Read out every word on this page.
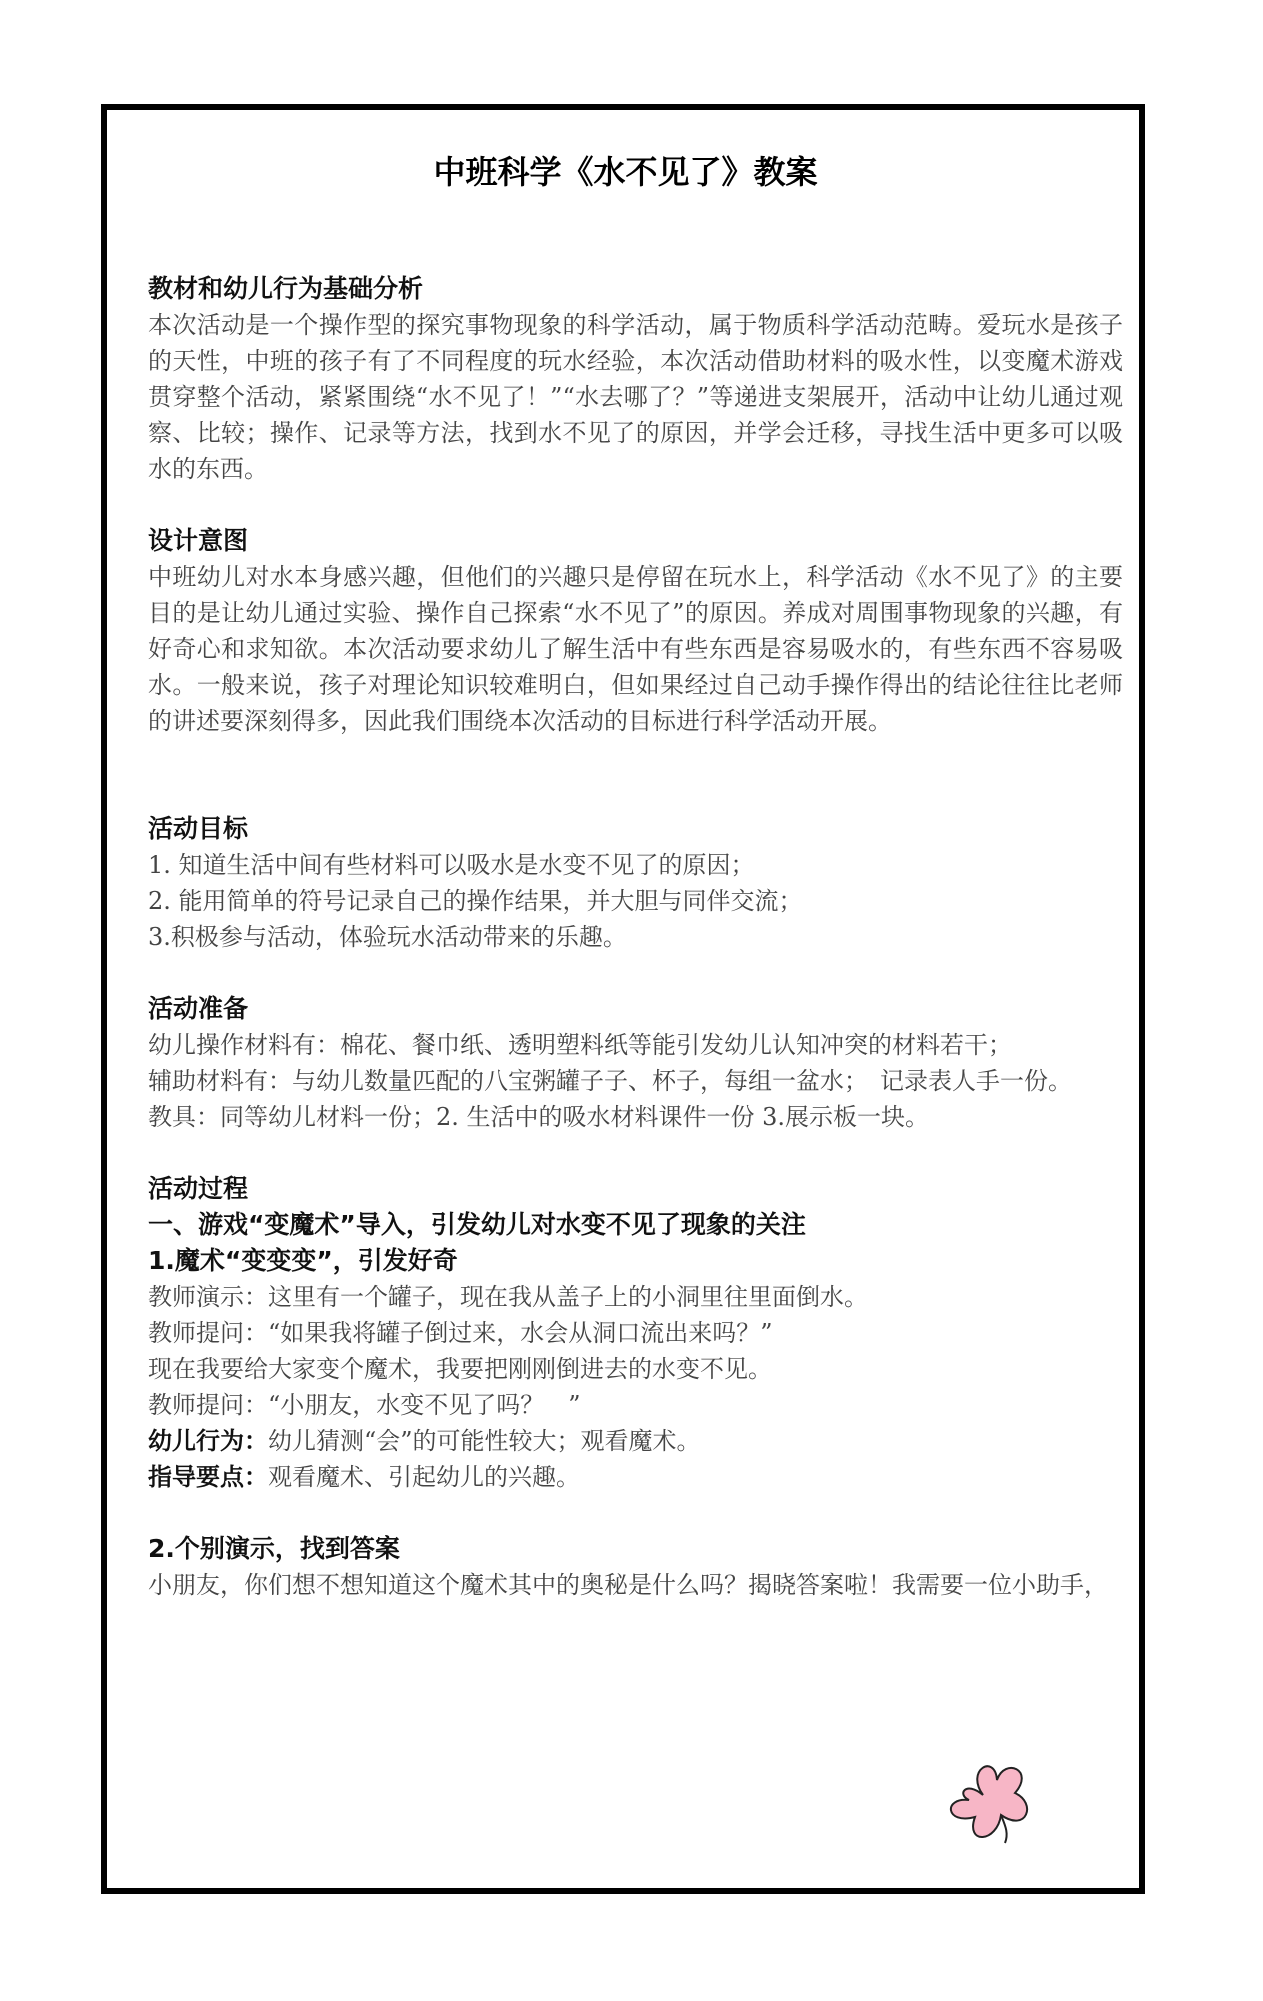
中班科学《水不见了》教案

教材和幼儿行为基础分析

本次活动是一个操作型的探究事物现象的科学活动，属于物质科学活动范畴。爱玩水是孩子的天性，中班的孩子有了不同程度的玩水经验，本次活动借助材料的吸水性，以变魔术游戏贯穿整个活动，紧紧围绕“水不见了！”“水去哪了？”等递进支架展开，活动中让幼儿通过观察、比较；操作、记录等方法，找到水不见了的原因，并学会迁移，寻找生活中更多可以吸水的东西。

设计意图

中班幼儿对水本身感兴趣，但他们的兴趣只是停留在玩水上，科学活动《水不见了》的主要目的是让幼儿通过实验、操作自己探索“水不见了”的原因。养成对周围事物现象的兴趣，有好奇心和求知欲。本次活动要求幼儿了解生活中有些东西是容易吸水的，有些东西不容易吸水。一般来说，孩子对理论知识较难明白，但如果经过自己动手操作得出的结论往往比老师的讲述要深刻得多，因此我们围绕本次活动的目标进行科学活动开展。

活动目标

1. 知道生活中间有些材料可以吸水是水变不见了的原因；

2. 能用简单的符号记录自己的操作结果，并大胆与同伴交流；

3.积极参与活动，体验玩水活动带来的乐趣。

活动准备

幼儿操作材料有：棉花、餐巾纸、透明塑料纸等能引发幼儿认知冲突的材料若干；

辅助材料有：与幼儿数量匹配的八宝粥罐子子、杯子，每组一盆水；　记录表人手一份。

教具：同等幼儿材料一份；2. 生活中的吸水材料课件一份 3.展示板一块。

活动过程

一、游戏“变魔术”导入，引发幼儿对水变不见了现象的关注

1.魔术“变变变”，引发好奇

教师演示：这里有一个罐子，现在我从盖子上的小洞里往里面倒水。

教师提问：“如果我将罐子倒过来，水会从洞口流出来吗？”

现在我要给大家变个魔术，我要把刚刚倒进去的水变不见。

教师提问：“小朋友，水变不见了吗？　”

幼儿行为：幼儿猜测“会”的可能性较大；观看魔术。

指导要点：观看魔术、引起幼儿的兴趣。

2.个别演示，找到答案

小朋友，你们想不想知道这个魔术其中的奥秘是什么吗？揭晓答案啦！我需要一位小助手，
